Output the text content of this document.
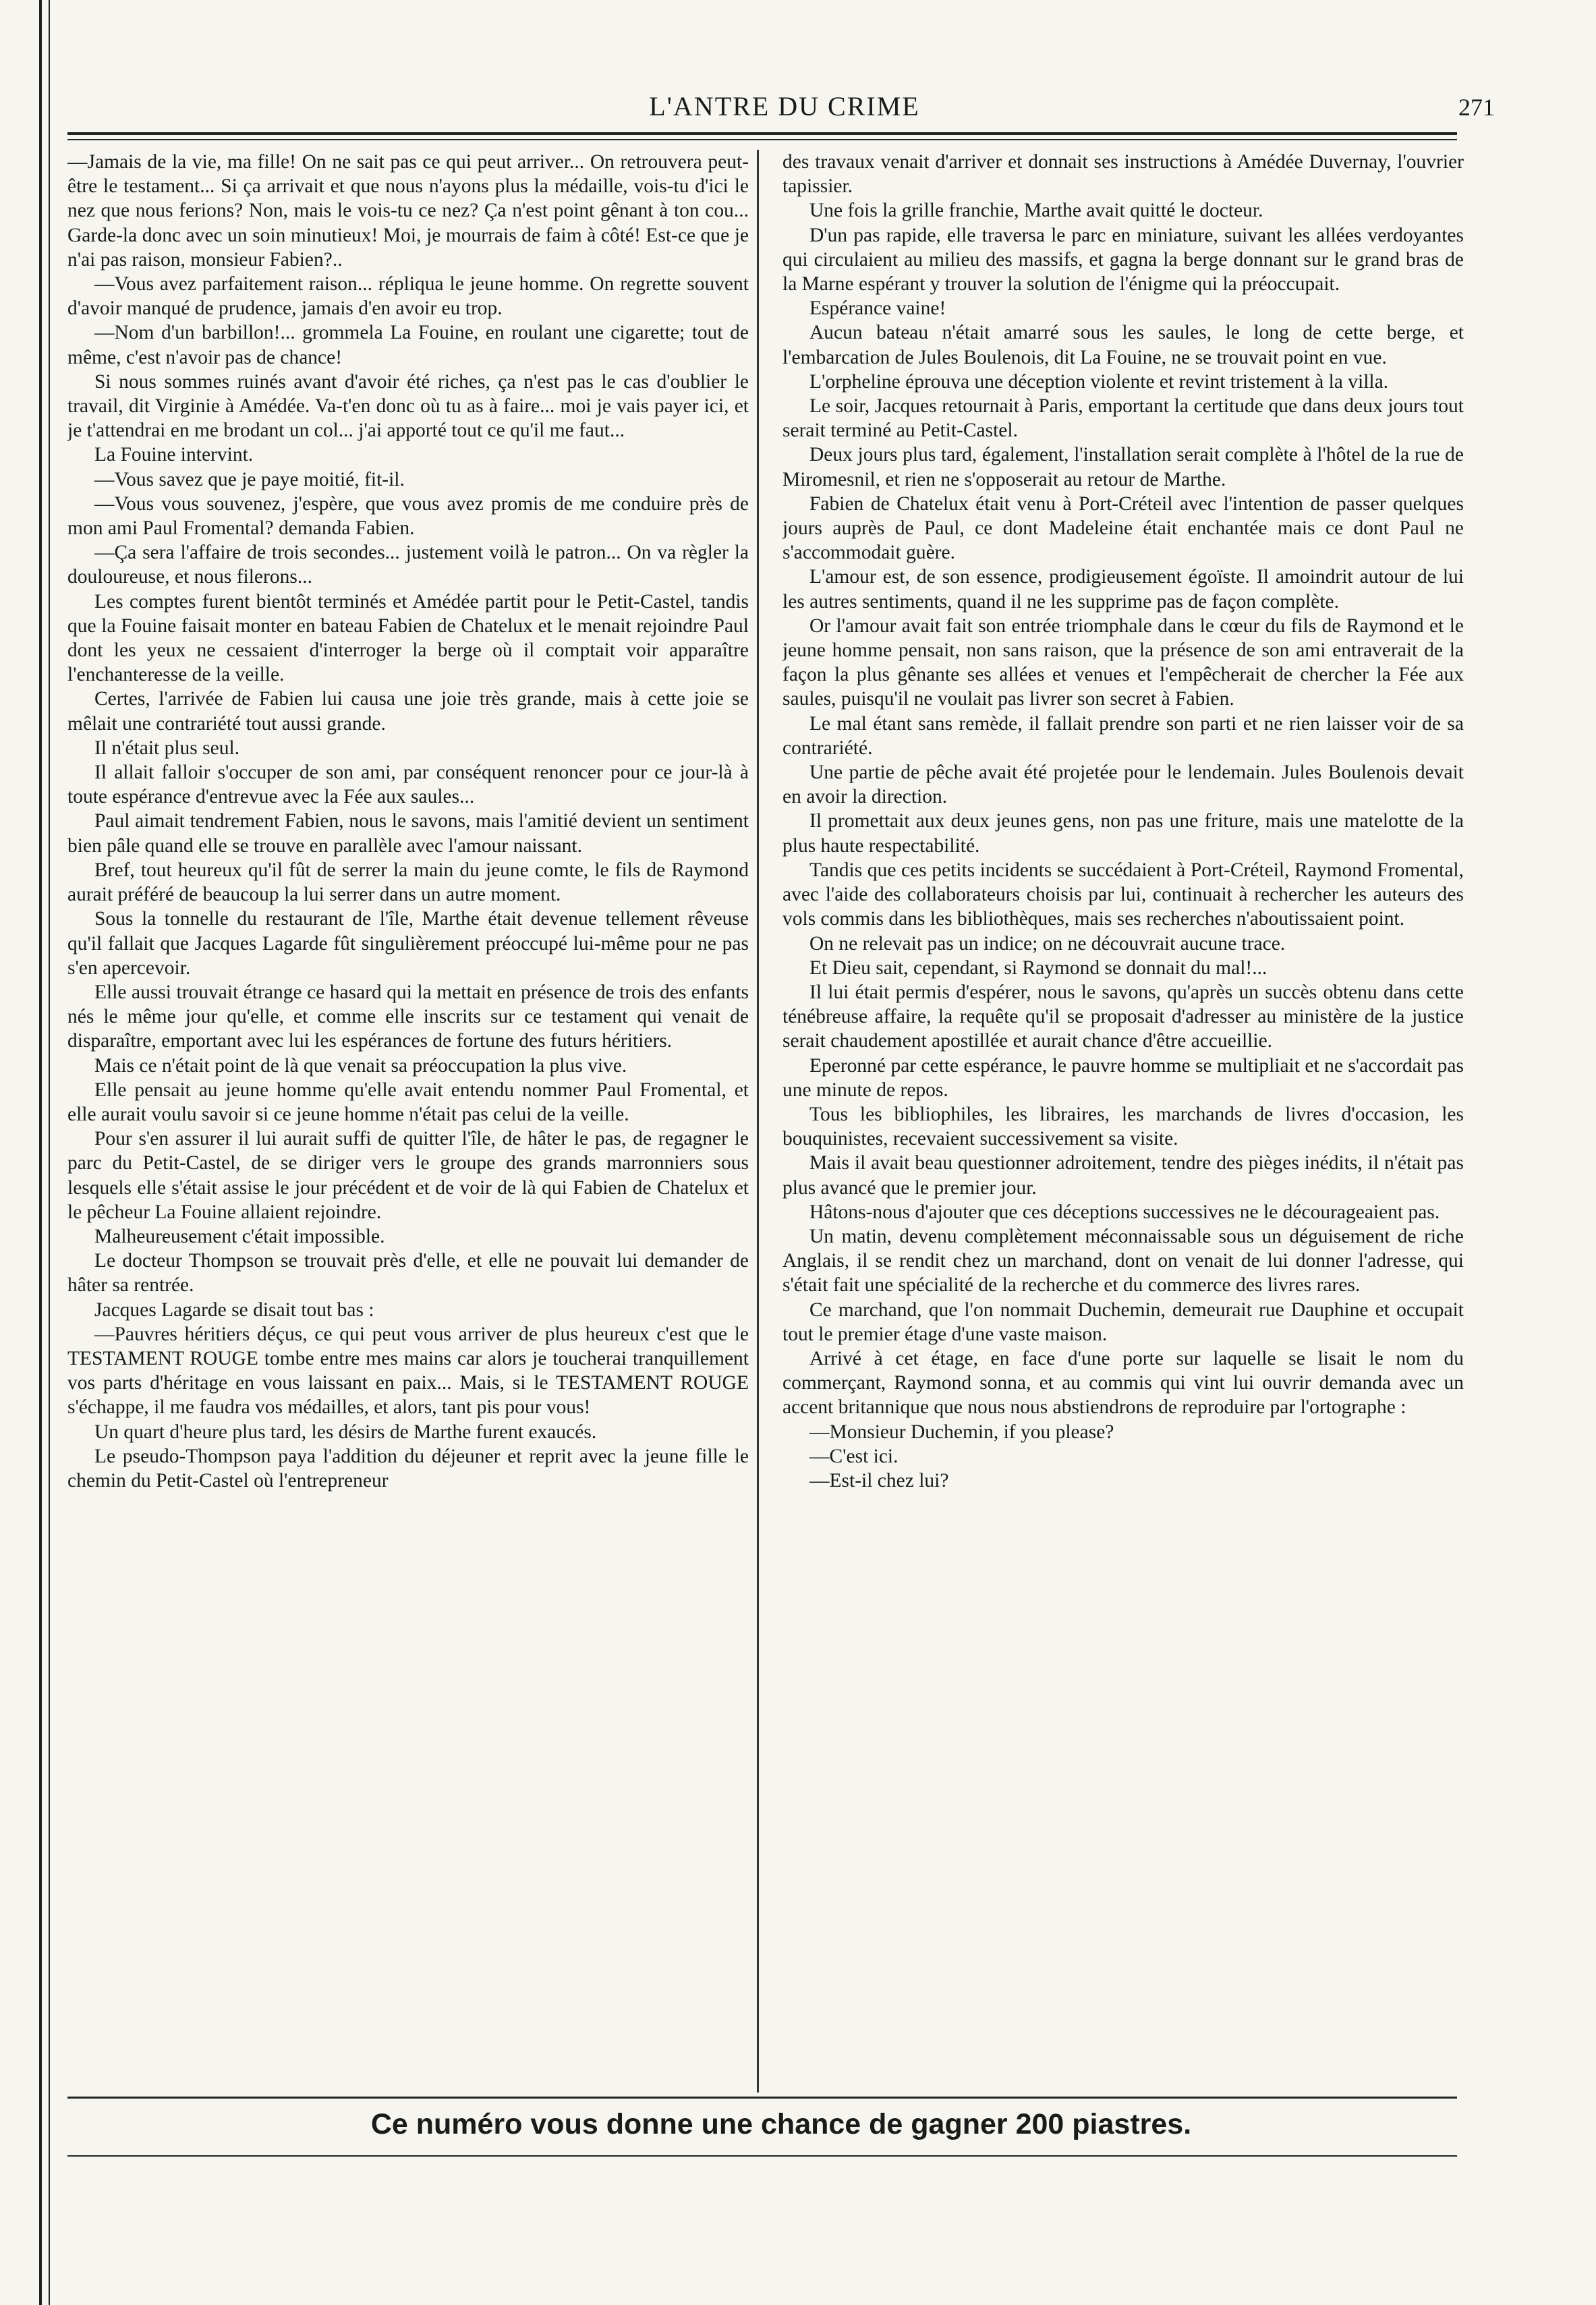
L'ANTRE DU CRIME	271

—Jamais de la vie, ma fille! On ne sait pas ce qui peut arriver... On retrouvera peut-être le testament... Si ça arrivait et que nous n'ayons plus la médaille, vois-tu d'ici le nez que nous ferions? Non, mais le vois-tu ce nez? Ça n'est point gênant à ton cou... Garde-la donc avec un soin minutieux! Moi, je mourrais de faim à côté! Est-ce que je n'ai pas raison, monsieur Fabien?..

—Vous avez parfaitement raison... répliqua le jeune homme. On regrette souvent d'avoir manqué de prudence, jamais d'en avoir eu trop.

—Nom d'un barbillon!... grommela La Fouine, en roulant une cigarette; tout de même, c'est n'avoir pas de chance!

Si nous sommes ruinés avant d'avoir été riches, ça n'est pas le cas d'oublier le travail, dit Virginie à Amédée. Va-t'en donc où tu as à faire... moi je vais payer ici, et je t'attendrai en me brodant un col... j'ai apporté tout ce qu'il me faut...

La Fouine intervint.

—Vous savez que je paye moitié, fit-il.

—Vous vous souvenez, j'espère, que vous avez promis de me conduire près de mon ami Paul Fromental? demanda Fabien.

—Ça sera l'affaire de trois secondes... justement voilà le patron... On va règler la douloureuse, et nous filerons...

Les comptes furent bientôt terminés et Amédée partit pour le Petit-Castel, tandis que la Fouine faisait monter en bateau Fabien de Chatelux et le menait rejoindre Paul dont les yeux ne cessaient d'interroger la berge où il comptait voir apparaître l'enchanteresse de la veille.

Certes, l'arrivée de Fabien lui causa une joie très grande, mais à cette joie se mêlait une contrariété tout aussi grande.

Il n'était plus seul.

Il allait falloir s'occuper de son ami, par conséquent renoncer pour ce jour-là à toute espérance d'entrevue avec la Fée aux saules...

Paul aimait tendrement Fabien, nous le savons, mais l'amitié devient un sentiment bien pâle quand elle se trouve en parallèle avec l'amour naissant.

Bref, tout heureux qu'il fût de serrer la main du jeune comte, le fils de Raymond aurait préféré de beaucoup la lui serrer dans un autre moment.

Sous la tonnelle du restaurant de l'île, Marthe était devenue tellement rêveuse qu'il fallait que Jacques Lagarde fût singulièrement préoccupé lui-même pour ne pas s'en apercevoir.

Elle aussi trouvait étrange ce hasard qui la mettait en présence de trois des enfants nés le même jour qu'elle, et comme elle inscrits sur ce testament qui venait de disparaître, emportant avec lui les espérances de fortune des futurs héritiers.

Mais ce n'était point de là que venait sa préoccupation la plus vive.

Elle pensait au jeune homme qu'elle avait entendu nommer Paul Fromental, et elle aurait voulu savoir si ce jeune homme n'était pas celui de la veille.

Pour s'en assurer il lui aurait suffi de quitter l'île, de hâter le pas, de regagner le parc du Petit-Castel, de se diriger vers le groupe des grands marronniers sous lesquels elle s'était assise le jour précédent et de voir de là qui Fabien de Chatelux et le pêcheur La Fouine allaient rejoindre.

Malheureusement c'était impossible.

Le docteur Thompson se trouvait près d'elle, et elle ne pouvait lui demander de hâter sa rentrée.

Jacques Lagarde se disait tout bas :

—Pauvres héritiers déçus, ce qui peut vous arriver de plus heureux c'est que le TESTAMENT ROUGE tombe entre mes mains car alors je toucherai tranquillement vos parts d'héritage en vous laissant en paix... Mais, si le TESTAMENT ROUGE s'échappe, il me faudra vos médailles, et alors, tant pis pour vous!

Un quart d'heure plus tard, les désirs de Marthe furent exaucés.

Le pseudo-Thompson paya l'addition du déjeuner et reprit avec la jeune fille le chemin du Petit-Castel où l'entrepreneur

des travaux venait d'arriver et donnait ses instructions à Amédée Duvernay, l'ouvrier tapissier.

Une fois la grille franchie, Marthe avait quitté le docteur.

D'un pas rapide, elle traversa le parc en miniature, suivant les allées verdoyantes qui circulaient au milieu des massifs, et gagna la berge donnant sur le grand bras de la Marne espérant y trouver la solution de l'énigme qui la préoccupait.

Espérance vaine!

Aucun bateau n'était amarré sous les saules, le long de cette berge, et l'embarcation de Jules Boulenois, dit La Fouine, ne se trouvait point en vue.

L'orpheline éprouva une déception violente et revint tristement à la villa.

Le soir, Jacques retournait à Paris, emportant la certitude que dans deux jours tout serait terminé au Petit-Castel.

Deux jours plus tard, également, l'installation serait complète à l'hôtel de la rue de Miromesnil, et rien ne s'opposerait au retour de Marthe.

Fabien de Chatelux était venu à Port-Créteil avec l'intention de passer quelques jours auprès de Paul, ce dont Madeleine était enchantée mais ce dont Paul ne s'accommodait guère.

L'amour est, de son essence, prodigieusement égoïste. Il amoindrit autour de lui les autres sentiments, quand il ne les supprime pas de façon complète.

Or l'amour avait fait son entrée triomphale dans le cœur du fils de Raymond et le jeune homme pensait, non sans raison, que la présence de son ami entraverait de la façon la plus gênante ses allées et venues et l'empêcherait de chercher la Fée aux saules, puisqu'il ne voulait pas livrer son secret à Fabien.

Le mal étant sans remède, il fallait prendre son parti et ne rien laisser voir de sa contrariété.

Une partie de pêche avait été projetée pour le lendemain. Jules Boulenois devait en avoir la direction.

Il promettait aux deux jeunes gens, non pas une friture, mais une matelotte de la plus haute respectabilité.

Tandis que ces petits incidents se succédaient à Port-Créteil, Raymond Fromental, avec l'aide des collaborateurs choisis par lui, continuait à rechercher les auteurs des vols commis dans les bibliothèques, mais ses recherches n'aboutissaient point.

On ne relevait pas un indice; on ne découvrait aucune trace.

Et Dieu sait, cependant, si Raymond se donnait du mal!...

Il lui était permis d'espérer, nous le savons, qu'après un succès obtenu dans cette ténébreuse affaire, la requête qu'il se proposait d'adresser au ministère de la justice serait chaudement apostillée et aurait chance d'être accueillie.

Eperonné par cette espérance, le pauvre homme se multipliait et ne s'accordait pas une minute de repos.

Tous les bibliophiles, les libraires, les marchands de livres d'occasion, les bouquinistes, recevaient successivement sa visite.

Mais il avait beau questionner adroitement, tendre des pièges inédits, il n'était pas plus avancé que le premier jour.

Hâtons-nous d'ajouter que ces déceptions successives ne le décourageaient pas.

Un matin, devenu complètement méconnaissable sous un déguisement de riche Anglais, il se rendit chez un marchand, dont on venait de lui donner l'adresse, qui s'était fait une spécialité de la recherche et du commerce des livres rares.

Ce marchand, que l'on nommait Duchemin, demeurait rue Dauphine et occupait tout le premier étage d'une vaste maison.

Arrivé à cet étage, en face d'une porte sur laquelle se lisait le nom du commerçant, Raymond sonna, et au commis qui vint lui ouvrir demanda avec un accent britannique que nous nous abstiendrons de reproduire par l'ortographe :

—Monsieur Duchemin, if you please?

—C'est ici.

—Est-il chez lui?

Ce numéro vous donne une chance de gagner 200 piastres.
